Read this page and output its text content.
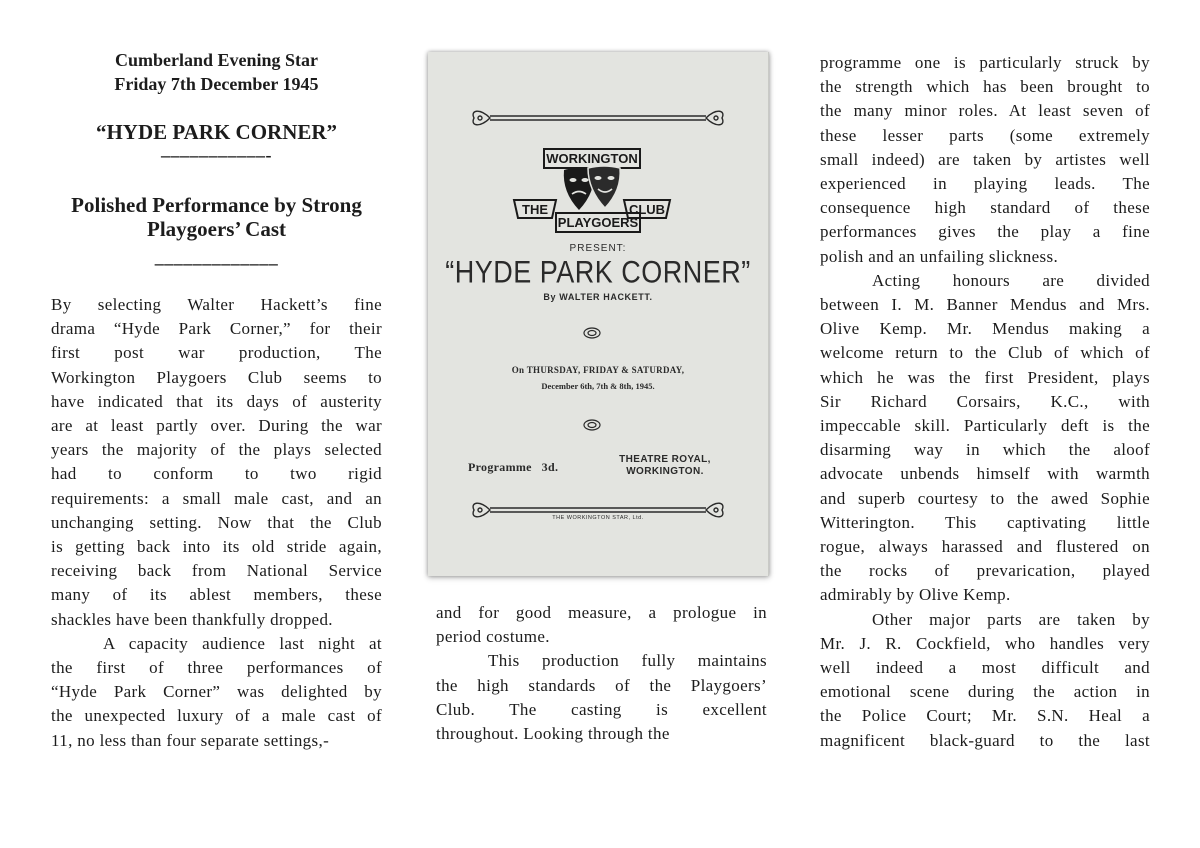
Cumberland Evening Star
Friday 7th December 1945
“HYDE PARK CORNER”
–––––––––––-
Polished Performance by Strong Playgoers’ Cast
–––––––––––––

By selecting Walter Hackett’s fine

drama “Hyde Park Corner,” for their

first post war production, The

Workington Playgoers Club seems to

have indicated that its days of austerity

are at least partly over. During the war

years the majority of the plays selected

had to conform to two rigid

requirements: a small male cast, and an

unchanging setting. Now that the Club

is getting back into its old stride again,

receiving back from National Service

many of its ablest members, these

shackles have been thankfully dropped.

A capacity audience last night at

the first of three performances of

“Hyde Park Corner” was delighted by

the unexpected luxury of a male cast of

11, no less than four separate settings,-

and for good measure, a prologue in

period costume.

This production fully maintains

the high standards of the Playgoers’

Club. The casting is excellent

throughout. Looking through the

programme one is particularly struck by

the strength which has been brought to

the many minor roles. At least seven of

these lesser parts (some extremely

small indeed) are taken by artistes well

experienced in playing leads. The

consequence high standard of these

performances gives the play a fine

polish and an unfailing slickness.

Acting honours are divided

between I. M. Banner Mendus and Mrs.

Olive Kemp. Mr. Mendus making a

welcome return to the Club of which of

which he was the first President, plays

Sir Richard Corsairs, K.C., with

impeccable skill. Particularly deft is the

disarming way in which the aloof

advocate unbends himself with warmth

and superb courtesy to the awed Sophie

Witterington. This captivating little

rogue, always harassed and flustered on

the rocks of prevarication, played

admirably by Olive Kemp.

Other major parts are taken by

Mr. J. R. Cockfield, who handles very

well indeed a most difficult and

emotional scene during the action in

the Police Court; Mr. S.N. Heal a

magnificent black-guard to the last

WORKINGTON
THE	CLUB
PLAYGOERS
PRESENT:
“HYDE PARK CORNER”
By WALTER HACKETT.
On THURSDAY, FRIDAY & SATURDAY,
December 6th, 7th & 8th, 1945.
Programme   3d.
THEATRE ROYAL,
WORKINGTON.
THE WORKINGTON STAR, Ltd.
